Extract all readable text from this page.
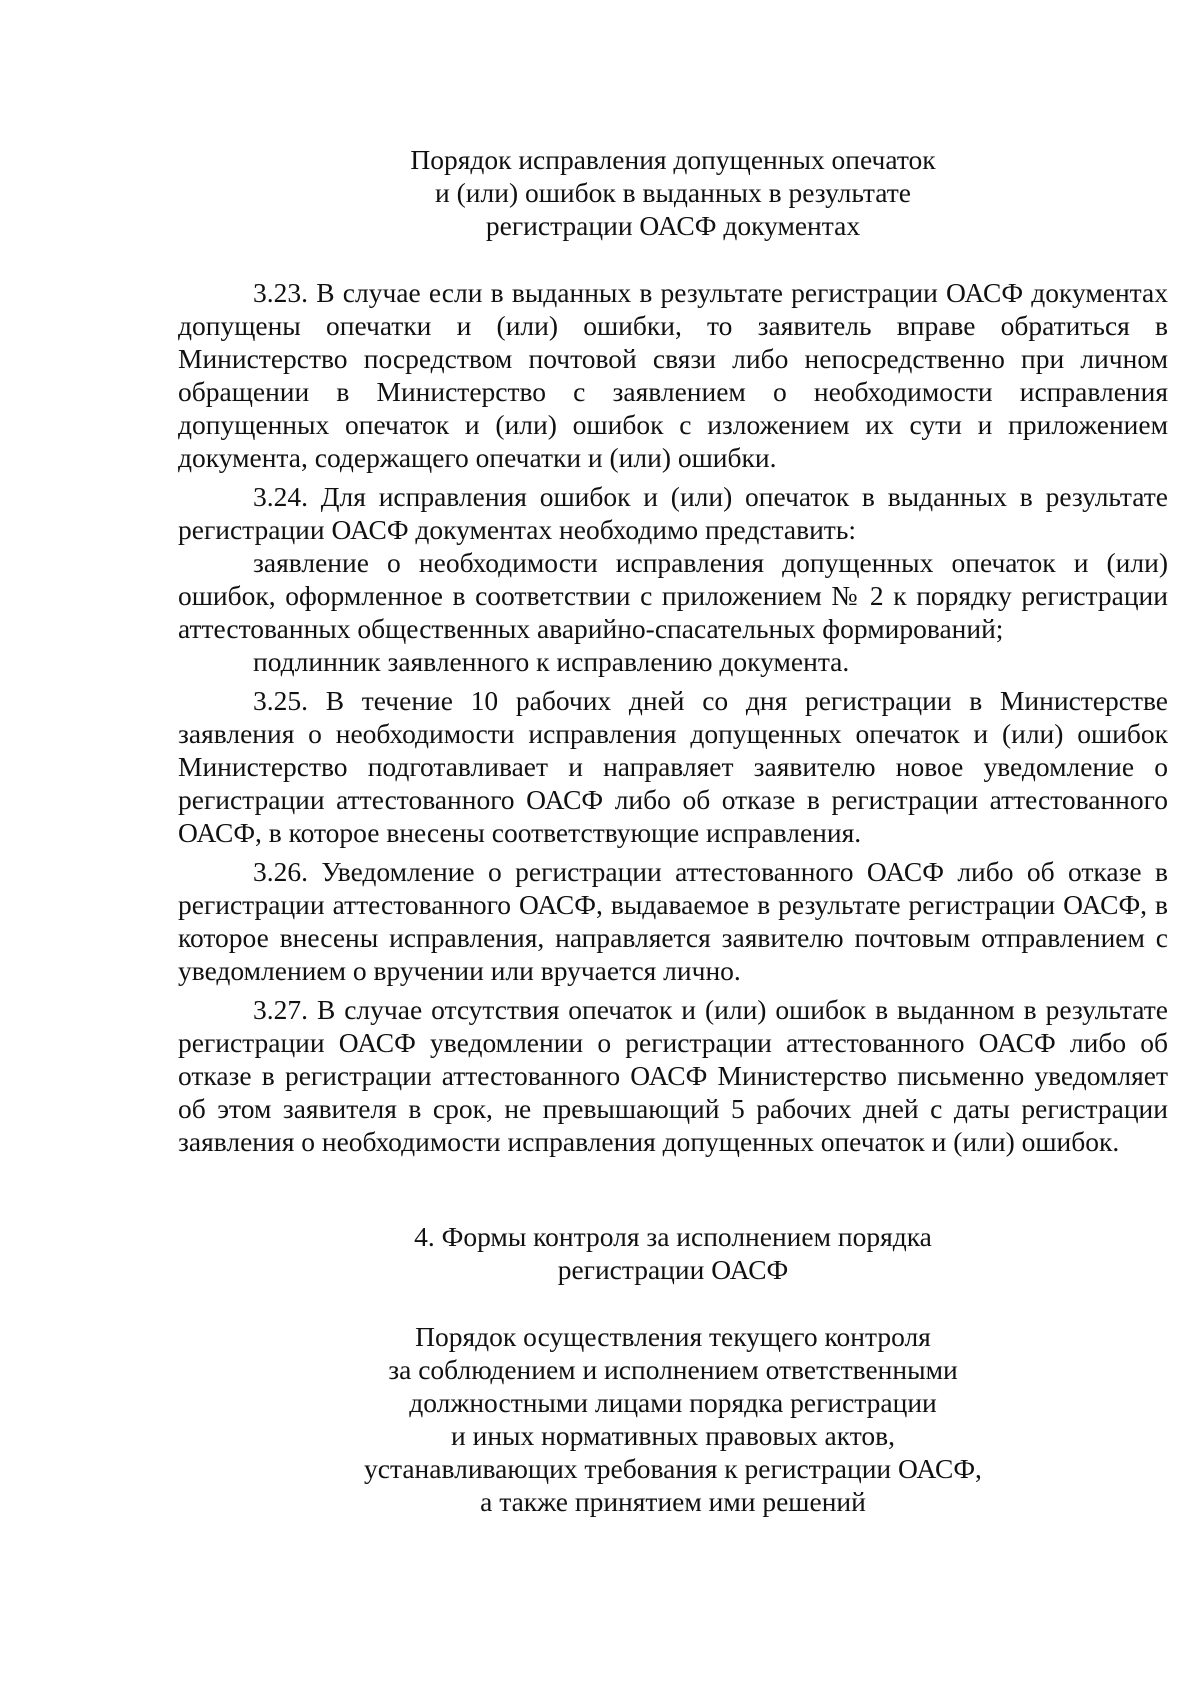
Порядок исправления допущенных опечаток
и (или) ошибок в выданных в результате
регистрации ОАСФ документах

3.23. В случае если в выданных в результате регистрации ОАСФ документах допущены опечатки и (или) ошибки, то заявитель вправе обратиться в Министерство посредством почтовой связи либо непосредственно при личном обращении в Министерство с заявлением о необходимости исправления допущенных опечаток и (или) ошибок с изложением их сути и приложением документа, содержащего опечатки и (или) ошибки.

3.24. Для исправления ошибок и (или) опечаток в выданных в результате регистрации ОАСФ документах необходимо представить:

заявление о необходимости исправления допущенных опечаток и (или) ошибок, оформленное в соответствии с приложением № 2 к порядку регистрации аттестованных общественных аварийно-спасательных формирований;

подлинник заявленного к исправлению документа.

3.25. В течение 10 рабочих дней со дня регистрации в Министерстве заявления о необходимости исправления допущенных опечаток и (или) ошибок Министерство подготавливает и направляет заявителю новое уведомление о регистрации аттестованного ОАСФ либо об отказе в регистрации аттестованного ОАСФ, в которое внесены соответствующие исправления.

3.26. Уведомление о регистрации аттестованного ОАСФ либо об отказе в регистрации аттестованного ОАСФ, выдаваемое в результате регистрации ОАСФ, в которое внесены исправления, направляется заявителю почтовым отправлением с уведомлением о вручении или вручается лично.

3.27. В случае отсутствия опечаток и (или) ошибок в выданном в результате регистрации ОАСФ уведомлении о регистрации аттестованного ОАСФ либо об отказе в регистрации аттестованного ОАСФ Министерство письменно уведомляет об этом заявителя в срок, не превышающий 5 рабочих дней с даты регистрации заявления о необходимости исправления допущенных опечаток и (или) ошибок.

4. Формы контроля за исполнением порядка
регистрации ОАСФ
Порядок осуществления текущего контроля
за соблюдением и исполнением ответственными
должностными лицами порядка регистрации
и иных нормативных правовых актов,
устанавливающих требования к регистрации ОАСФ,
а также принятием ими решений
